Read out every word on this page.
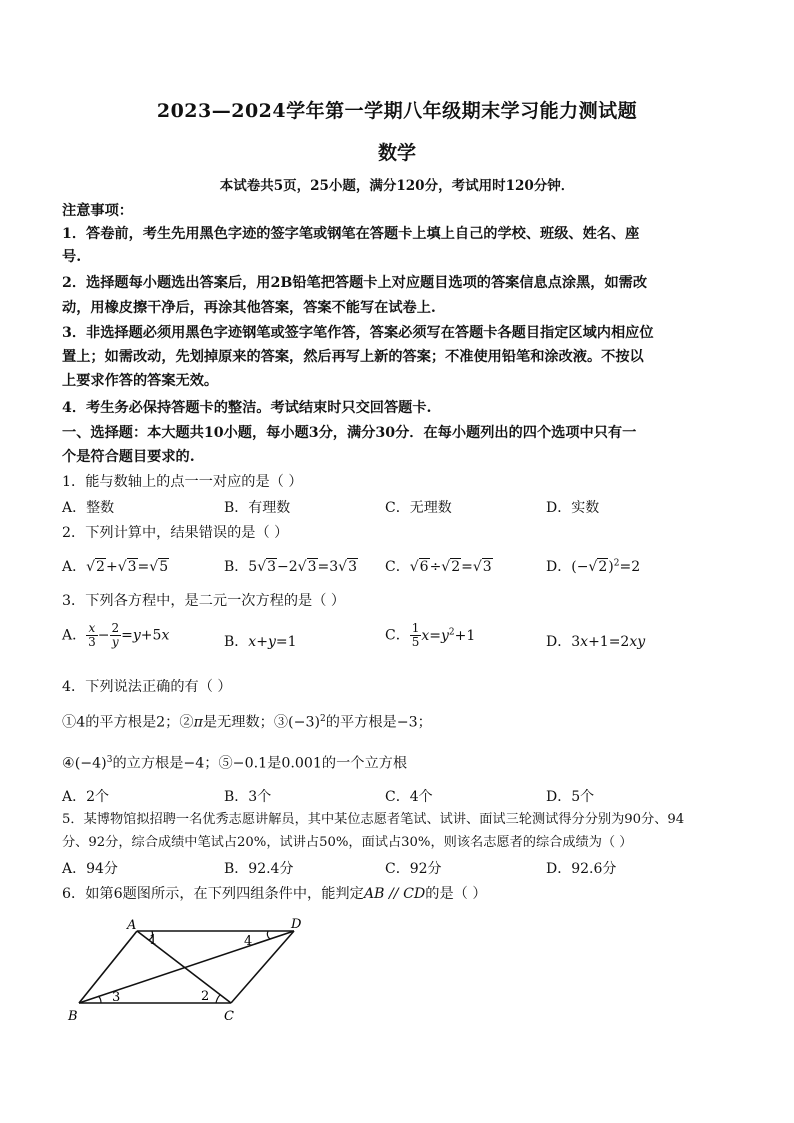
2023—2024学年第一学期八年级期末学习能力测试题
数学
本试卷共5页，25小题，满分120分，考试用时120分钟．
注意事项：
1．答卷前，考生先用黑色字迹的签字笔或钢笔在答题卡上填上自己的学校、班级、姓名、座
号.
2．选择题每小题选出答案后，用2B铅笔把答题卡上对应题目选项的答案信息点涂黑，如需改
动，用橡皮擦干净后，再涂其他答案，答案不能写在试卷上.
3．非选择题必须用黑色字迹钢笔或签字笔作答，答案必须写在答题卡各题目指定区域内相应位
置上；如需改动，先划掉原来的答案，然后再写上新的答案；不准使用铅笔和涂改液。不按以
上要求作答的答案无效。
4．考生务必保持答题卡的整洁。考试结束时只交回答题卡.
一、选择题：本大题共10小题，每小题3分，满分30分．在每小题列出的四个选项中只有一
个是符合题目要求的.
1．能与数轴上的点一一对应的是（ ）
A．整数	B．有理数	C．无理数	D．实数
2．下列计算中，结果错误的是（ ）
A．√2+√3=√5	B．5√3−2√3=3√3 C．√6÷√2=√3	D．$(-√2)^2=2$
3．下列各方程中，是二元一次方程的是（ ）
A． $\frac{x}{3} - \frac{2}{y} =y+5x$	B．x+y=1	C． $\frac{1}{5} x=y^2+1$	D．3x+1=2xy
4．下列说法正确的有（ ）
①4的平方根是2；②π是无理数；$③(-3)^2$的平方根是−3；
$④(-4)^3$的立方根是−4；⑤−0.1是0.001的一个立方根
A．2个	B．3个	C．4个	D．5个
5．某博物馆拟招聘一名优秀志愿讲解员，其中某位志愿者笔试、试讲、面试三轮测试得分分别为90分、94
分、92分，综合成绩中笔试占20%，试讲占50%，面试占30%，则该名志愿者的综合成绩为（ ）
A．94分	B．92.4分	C．92分	D．92.6分
6．如第6题图所示，在下列四组条件中，能判定AB // CD的是（ ）
A	D
B	C
1
2
3
4
